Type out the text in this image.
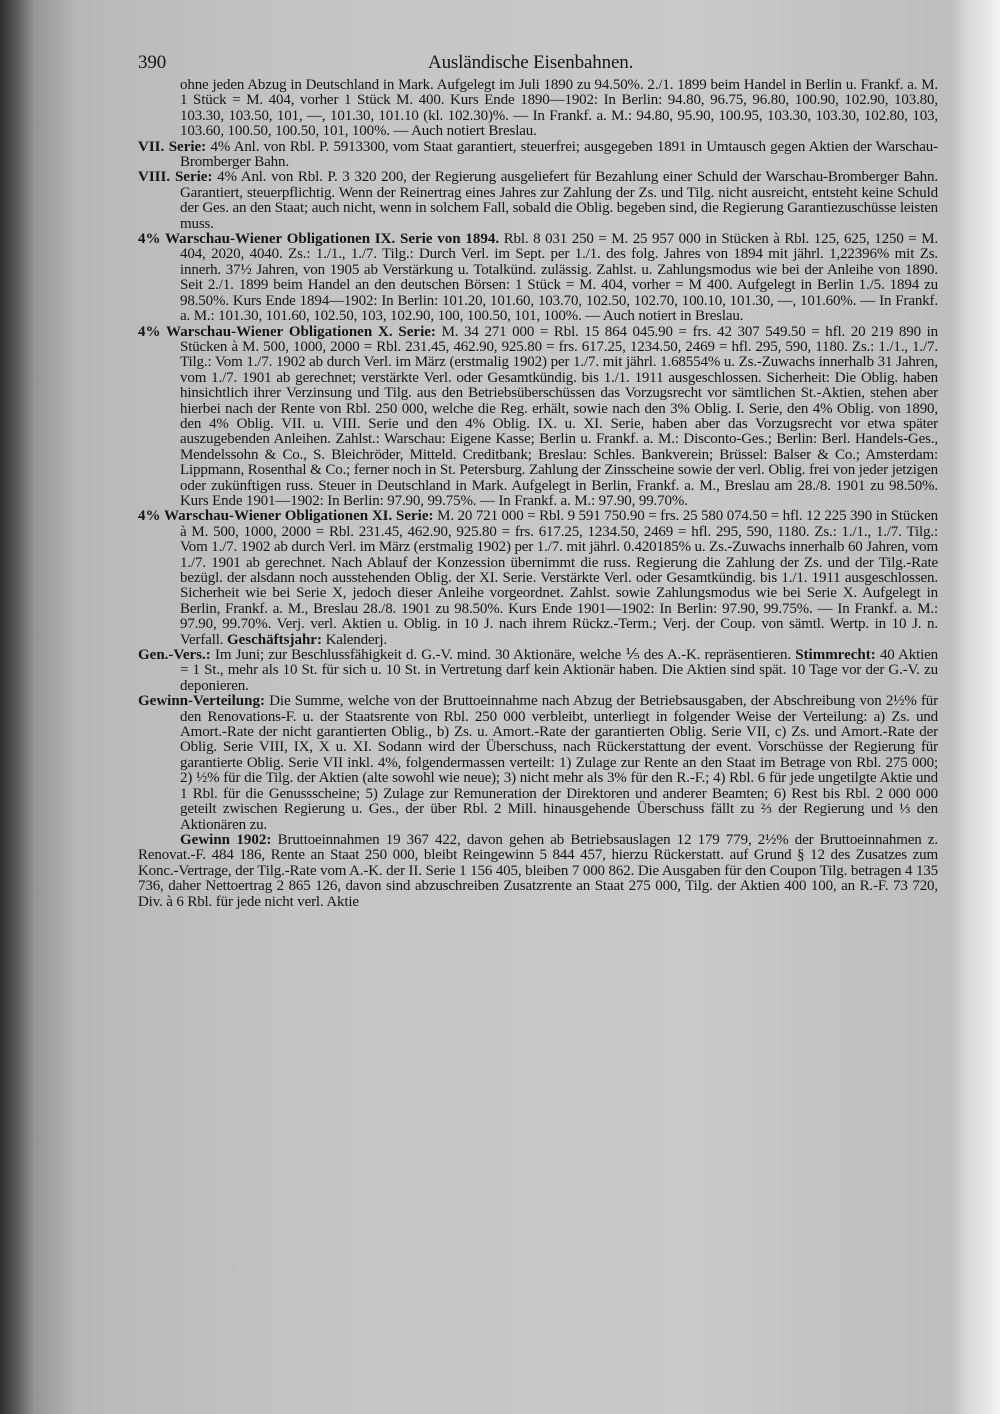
390	Ausländische Eisenbahnen.

ohne jeden Abzug in Deutschland in Mark. Aufgelegt im Juli 1890 zu 94.50%. 2./1. 1899 beim Handel in Berlin u. Frankf. a. M. 1 Stück = M. 404, vorher 1 Stück M. 400. Kurs Ende 1890—1902: In Berlin: 94.80, 96.75, 96.80, 100.90, 102.90, 103.80, 103.30, 103.50, 101, —, 101.30, 101.10 (kl. 102.30)%. — In Frankf. a. M.: 94.80, 95.90, 100.95, 103.30, 103.30, 102.80, 103, 103.60, 100.50, 100.50, 101, 100%. — Auch notiert Breslau.

VII. Serie: 4% Anl. von Rbl. P. 5913300, vom Staat garantiert, steuerfrei; ausgegeben 1891 in Umtausch gegen Aktien der Warschau-Bromberger Bahn.

VIII. Serie: 4% Anl. von Rbl. P. 3 320 200, der Regierung ausgeliefert für Bezahlung einer Schuld der Warschau-Bromberger Bahn. Garantiert, steuerpflichtig. Wenn der Reinertrag eines Jahres zur Zahlung der Zs. und Tilg. nicht ausreicht, entsteht keine Schuld der Ges. an den Staat; auch nicht, wenn in solchem Fall, sobald die Oblig. begeben sind, die Regierung Garantiezuschüsse leisten muss.

4% Warschau-Wiener Obligationen IX. Serie von 1894. Rbl. 8 031 250 = M. 25 957 000 in Stücken à Rbl. 125, 625, 1250 = M. 404, 2020, 4040. Zs.: 1./1., 1./7. Tilg.: Durch Verl. im Sept. per 1./1. des folg. Jahres von 1894 mit jährl. 1,22396% mit Zs. innerh. 37½ Jahren, von 1905 ab Verstärkung u. Totalkünd. zulässig. Zahlst. u. Zahlungsmodus wie bei der Anleihe von 1890. Seit 2./1. 1899 beim Handel an den deutschen Börsen: 1 Stück = M. 404, vorher = M 400. Aufgelegt in Berlin 1./5. 1894 zu 98.50%. Kurs Ende 1894—1902: In Berlin: 101.20, 101.60, 103.70, 102.50, 102.70, 100.10, 101.30, —, 101.60%. — In Frankf. a. M.: 101.30, 101.60, 102.50, 103, 102.90, 100, 100.50, 101, 100%. — Auch notiert in Breslau.

4% Warschau-Wiener Obligationen X. Serie: M. 34 271 000 = Rbl. 15 864 045.90 = frs. 42 307 549.50 = hfl. 20 219 890 in Stücken à M. 500, 1000, 2000 = Rbl. 231.45, 462.90, 925.80 = frs. 617.25, 1234.50, 2469 = hfl. 295, 590, 1180. Zs.: 1./1., 1./7. Tilg.: Vom 1./7. 1902 ab durch Verl. im März (erstmalig 1902) per 1./7. mit jährl. 1.68554% u. Zs.-Zuwachs innerhalb 31 Jahren, vom 1./7. 1901 ab gerechnet; verstärkte Verl. oder Gesamtkündig. bis 1./1. 1911 ausgeschlossen. Sicherheit: Die Oblig. haben hinsichtlich ihrer Verzinsung und Tilg. aus den Betriebsüberschüssen das Vorzugsrecht vor sämtlichen St.-Aktien, stehen aber hierbei nach der Rente von Rbl. 250 000, welche die Reg. erhält, sowie nach den 3% Oblig. I. Serie, den 4% Oblig. von 1890, den 4% Oblig. VII. u. VIII. Serie und den 4% Oblig. IX. u. XI. Serie, haben aber das Vorzugsrecht vor etwa später auszugebenden Anleihen. Zahlst.: Warschau: Eigene Kasse; Berlin u. Frankf. a. M.: Disconto-Ges.; Berlin: Berl. Handels-Ges., Mendelssohn & Co., S. Bleichröder, Mitteld. Creditbank; Breslau: Schles. Bankverein; Brüssel: Balser & Co.; Amsterdam: Lippmann, Rosenthal & Co.; ferner noch in St. Petersburg. Zahlung der Zinsscheine sowie der verl. Oblig. frei von jeder jetzigen oder zukünftigen russ. Steuer in Deutschland in Mark. Aufgelegt in Berlin, Frankf. a. M., Breslau am 28./8. 1901 zu 98.50%. Kurs Ende 1901—1902: In Berlin: 97.90, 99.75%. — In Frankf. a. M.: 97.90, 99.70%.

4% Warschau-Wiener Obligationen XI. Serie: M. 20 721 000 = Rbl. 9 591 750.90 = frs. 25 580 074.50 = hfl. 12 225 390 in Stücken à M. 500, 1000, 2000 = Rbl. 231.45, 462.90, 925.80 = frs. 617.25, 1234.50, 2469 = hfl. 295, 590, 1180. Zs.: 1./1., 1./7. Tilg.: Vom 1./7. 1902 ab durch Verl. im März (erstmalig 1902) per 1./7. mit jährl. 0.420185% u. Zs.-Zuwachs innerhalb 60 Jahren, vom 1./7. 1901 ab gerechnet. Nach Ablauf der Konzession übernimmt die russ. Regierung die Zahlung der Zs. und der Tilg.-Rate bezügl. der alsdann noch ausstehenden Oblig. der XI. Serie. Verstärkte Verl. oder Gesamtkündig. bis 1./1. 1911 ausgeschlossen. Sicherheit wie bei Serie X, jedoch dieser Anleihe vorgeordnet. Zahlst. sowie Zahlungsmodus wie bei Serie X. Aufgelegt in Berlin, Frankf. a. M., Breslau 28./8. 1901 zu 98.50%. Kurs Ende 1901—1902: In Berlin: 97.90, 99.75%. — In Frankf. a. M.: 97.90, 99.70%. Verj. verl. Aktien u. Oblig. in 10 J. nach ihrem Rückz.-Term.; Verj. der Coup. von sämtl. Wertp. in 10 J. n. Verfall. Geschäftsjahr: Kalenderj.

Gen.-Vers.: Im Juni; zur Beschlussfähigkeit d. G.-V. mind. 30 Aktionäre, welche ⅕ des A.-K. repräsentieren. Stimmrecht: 40 Aktien = 1 St., mehr als 10 St. für sich u. 10 St. in Vertretung darf kein Aktionär haben. Die Aktien sind spät. 10 Tage vor der G.-V. zu deponieren.

Gewinn-Verteilung: Die Summe, welche von der Bruttoeinnahme nach Abzug der Betriebsausgaben, der Abschreibung von 2½% für den Renovations-F. u. der Staatsrente von Rbl. 250 000 verbleibt, unterliegt in folgender Weise der Verteilung: a) Zs. und Amort.-Rate der nicht garantierten Oblig., b) Zs. u. Amort.-Rate der garantierten Oblig. Serie VII, c) Zs. und Amort.-Rate der Oblig. Serie VIII, IX, X u. XI. Sodann wird der Überschuss, nach Rückerstattung der event. Vorschüsse der Regierung für garantierte Oblig. Serie VII inkl. 4%, folgendermassen verteilt: 1) Zulage zur Rente an den Staat im Betrage von Rbl. 275 000; 2) ½% für die Tilg. der Aktien (alte sowohl wie neue); 3) nicht mehr als 3% für den R.-F.; 4) Rbl. 6 für jede ungetilgte Aktie und 1 Rbl. für die Genussscheine; 5) Zulage zur Remuneration der Direktoren und anderer Beamten; 6) Rest bis Rbl. 2 000 000 geteilt zwischen Regierung u. Ges., der über Rbl. 2 Mill. hinausgehende Überschuss fällt zu ⅔ der Regierung und ⅓ den Aktionären zu.

Gewinn 1902: Bruttoeinnahmen 19 367 422, davon gehen ab Betriebsauslagen 12 179 779, 2½% der Bruttoeinnahmen z. Renovat.-F. 484 186, Rente an Staat 250 000, bleibt Reingewinn 5 844 457, hierzu Rückerstatt. auf Grund § 12 des Zusatzes zum Konc.-Vertrage, der Tilg.-Rate vom A.-K. der II. Serie 1 156 405, bleiben 7 000 862. Die Ausgaben für den Coupon Tilg. betragen 4 135 736, daher Nettoertrag 2 865 126, davon sind abzuschreiben Zusatzrente an Staat 275 000, Tilg. der Aktien 400 100, an R.-F. 73 720, Div. à 6 Rbl. für jede nicht verl. Aktie
